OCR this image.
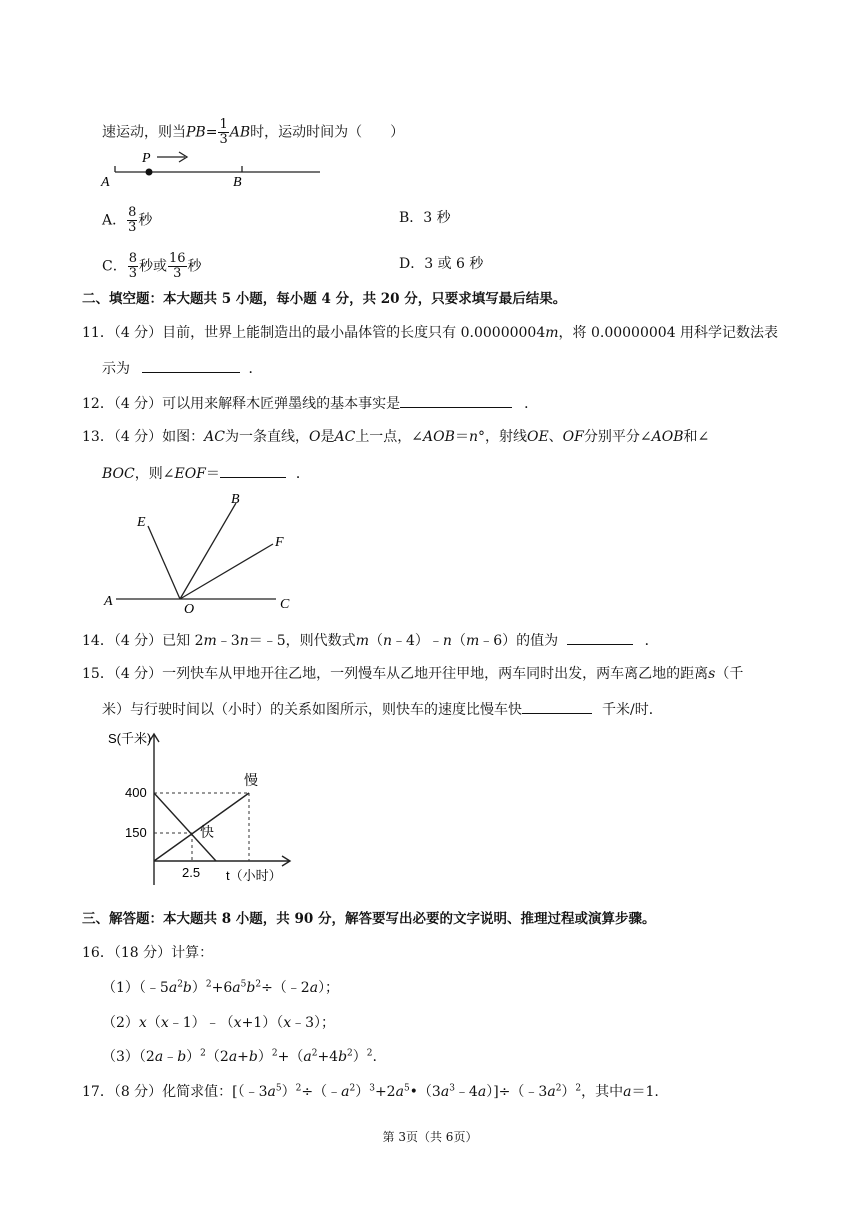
速运动，则当$PB= \frac{1}{3}$ AB时，运动时间为（　　）
A
P
B
A． $\frac{8}{3}$ 秒	B．3 秒
C． $\frac{8}{3}$ 秒或 $\frac{16}{3}$ 秒	D．3 或 6 秒
二、填空题：本大题共 5 小题，每小题 4 分，共 20 分，只要求填写最后结果。
11．（4 分）目前，世界上能制造出的最小晶体管的长度只有 0.00000004m，将 0.00000004 用科学记数法表
示为	．
12．（4 分）可以用来解释木匠弹墨线的基本事实是	．
13．（4 分）如图：AC为一条直线，O是AC上一点，∠AOB＝n°，射线OE、OF分别平分∠AOB和∠
BOC，则∠EOF＝	．
E
B
F
A
O	C
14．（4 分）已知 2m﹣3n＝﹣5，则代数式m（n﹣4）﹣n（m﹣6）的值为	．
15．（4 分）一列快车从甲地开往乙地，一列慢车从乙地开往甲地，两车同时出发，两车离乙地的距离s（千
米）与行驶时间以（小时）的关系如图所示，则快车的速度比慢车快	千米/时．
S(千米)
400
150
2.5 t（小时）
慢
快
三、解答题：本大题共 8 小题，共 90 分，解答要写出必要的文字说明、推理过程或演算步骤。
16．（18 分）计算：
$(1)(﹣5a^2b)^2+6a^5b^2\div(﹣2a)$；
（2）x（x﹣1）﹣（x+1）（x﹣3）；
$(3)(2a﹣b)^2(2a+b)^2+(a^2+4b^2)^2$.
17．（8 分）化简求值：$[(﹣3a^5)^2\div(﹣a^2)^3+2a^5•(3a^3﹣4a)]\div(﹣3a^2)^2$，其中a＝1.
第 3页（共 6页）
